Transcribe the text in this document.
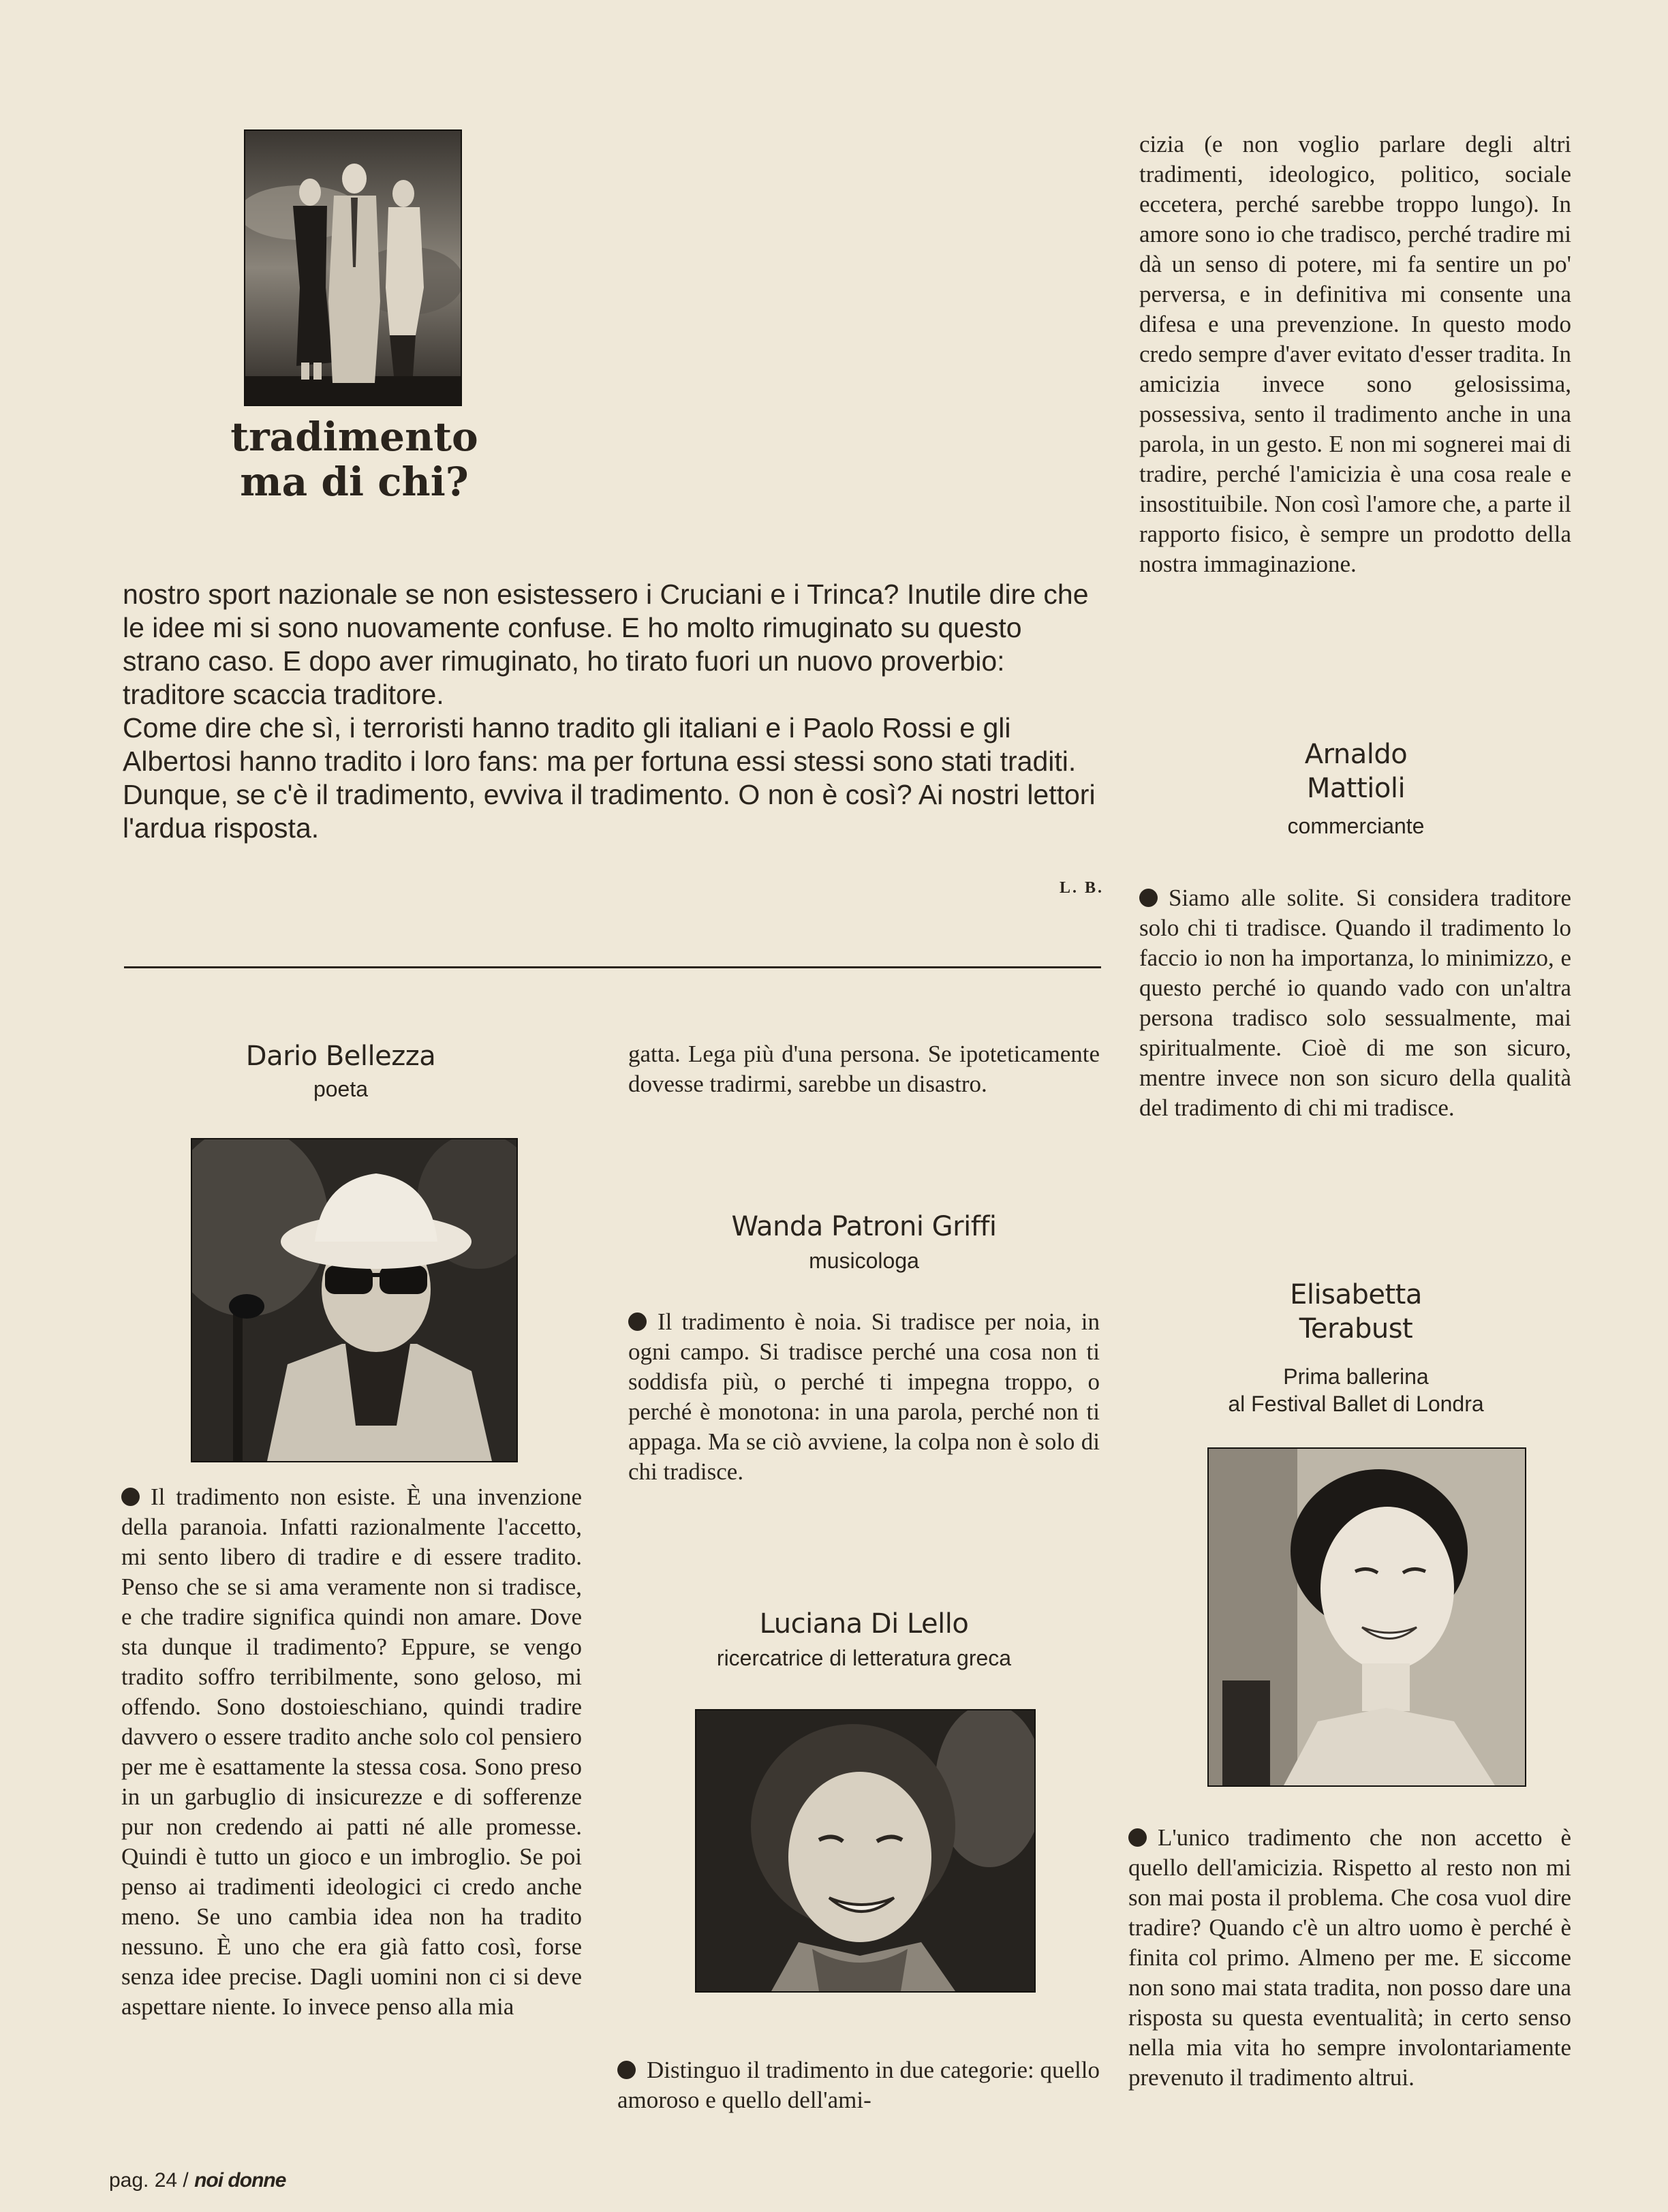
tradimento
ma di chi?

nostro sport nazionale se non esistessero i Cruciani e i Trinca? Inutile dire che le idee mi si sono nuovamente confuse. E ho molto rimuginato su questo strano caso. E dopo aver rimuginato, ho tirato fuori un nuovo proverbio: traditore scaccia traditore.

Come dire che sì, i terroristi hanno tradito gli italiani e i Paolo Rossi e gli Albertosi hanno tradito i loro fans: ma per fortuna essi stessi sono stati traditi. Dunque, se c'è il tradimento, evviva il tradimento. O non è così? Ai nostri lettori l'ardua risposta.

L. B.
Dario Bellezza
poeta

Il tradimento non esiste. È una invenzione della paranoia. Infatti razionalmente l'accetto, mi sento libero di tradire e di essere tradito. Penso che se si ama veramente non si tradisce, e che tradire significa quindi non amare. Dove sta dunque il tradimento? Eppure, se vengo tradito soffro terribilmente, sono geloso, mi offendo. Sono dostoieschiano, quindi tradire davvero o essere tradito anche solo col pensiero per me è esattamente la stessa cosa. Sono preso in un garbuglio di insicurezze e di sofferenze pur non credendo ai patti né alle promesse. Quindi è tutto un gioco e un imbroglio. Se poi penso ai tradimenti ideologici ci credo anche meno. Se uno cambia idea non ha tradito nessuno. È uno che era già fatto così, forse senza idee precise. Dagli uomini non ci si deve aspettare niente. Io invece penso alla mia

gatta. Lega più d'una persona. Se ipoteticamente dovesse tradirmi, sarebbe un disastro.

Wanda Patroni Griffi
musicologa

Il tradimento è noia. Si tradisce per noia, in ogni campo. Si tradisce perché una cosa non ti soddisfa più, o perché ti impegna troppo, o perché è monotona: in una parola, perché non ti appaga. Ma se ciò avviene, la colpa non è solo di chi tradisce.

Luciana Di Lello
ricercatrice di letteratura greca

Distinguo il tradimento in due categorie: quello amoroso e quello dell'ami-

cizia (e non voglio parlare degli altri tradimenti, ideologico, politico, sociale eccetera, perché sarebbe troppo lungo). In amore sono io che tradisco, perché tradire mi dà un senso di potere, mi fa sentire un po' perversa, e in definitiva mi consente una difesa e una prevenzione. In questo modo credo sempre d'aver evitato d'esser tradita. In amicizia invece sono gelosissima, possessiva, sento il tradimento anche in una parola, in un gesto. E non mi sognerei mai di tradire, perché l'amicizia è una cosa reale e insostituibile. Non così l'amore che, a parte il rapporto fisico, è sempre un prodotto della nostra immaginazione.

Arnaldo
Mattioli
commerciante

Siamo alle solite. Si considera traditore solo chi ti tradisce. Quando il tradimento lo faccio io non ha importanza, lo minimizzo, e questo perché io quando vado con un'altra persona tradisco solo sessualmente, mai spiritualmente. Cioè di me son sicuro, mentre invece non son sicuro della qualità del tradimento di chi mi tradisce.

Elisabetta
Terabust
Prima ballerina
al Festival Ballet di Londra

L'unico tradimento che non accetto è quello dell'amicizia. Rispetto al resto non mi son mai posta il problema. Che cosa vuol dire tradire? Quando c'è un altro uomo è perché è finita col primo. Almeno per me. E siccome non sono mai stata tradita, non posso dare una risposta su questa eventualità; in certo senso nella mia vita ho sempre involontariamente prevenuto il tradimento altrui.

pag. 24 / noi donne
